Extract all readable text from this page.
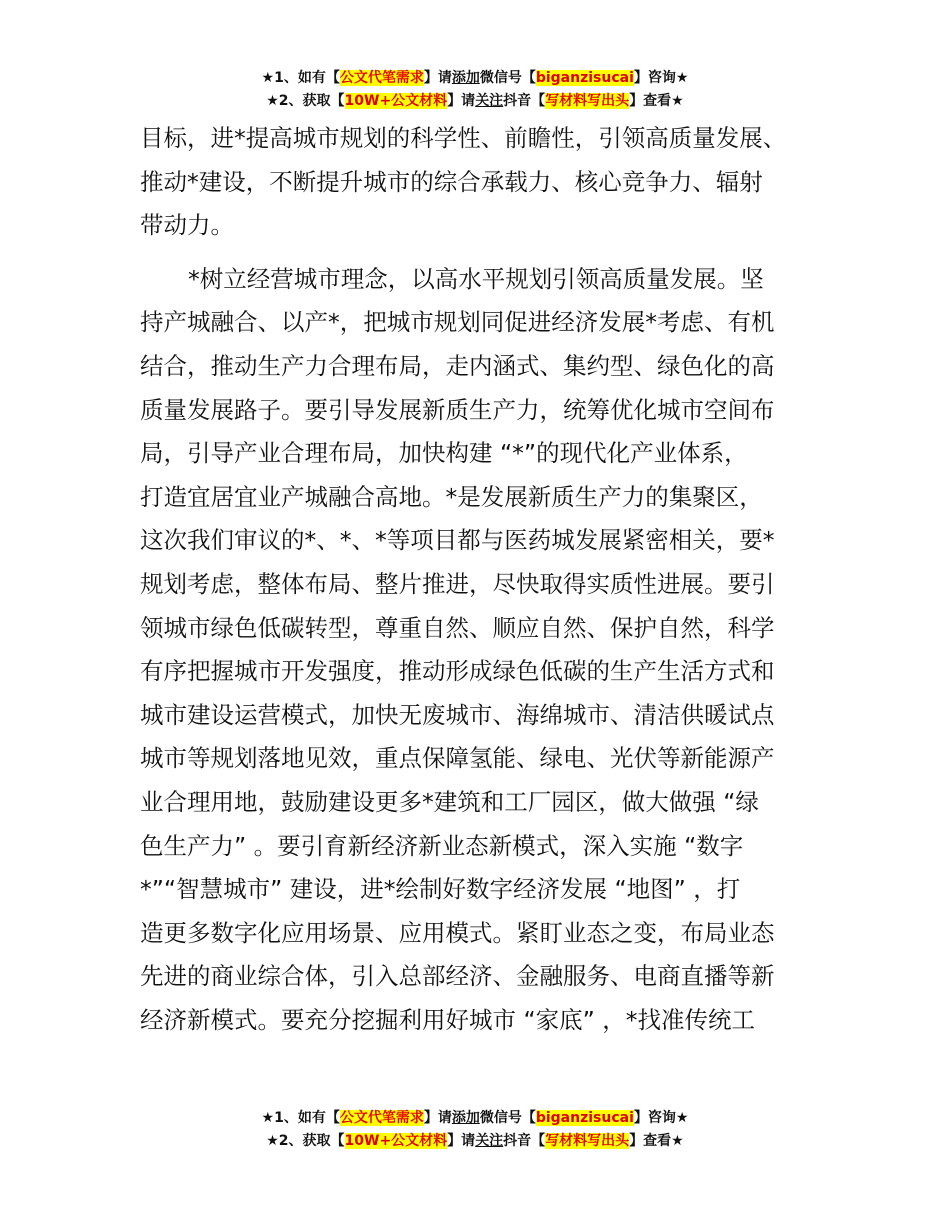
★1、如有【公文代笔需求】请添加微信号【biganzisucai】咨询★
★2、获取【10W+公文材料】请关注抖音【写材料写出头】查看★
目标，进*提高城市规划的科学性、前瞻性，引领高质量发展、
推动*建设，不断提升城市的综合承载力、核心竞争力、辐射
带动力。
*树立经营城市理念，以高水平规划引领高质量发展。坚
持产城融合、以产*，把城市规划同促进经济发展*考虑、有机
结合，推动生产力合理布局，走内涵式、集约型、绿色化的高
质量发展路子。要引导发展新质生产力，统筹优化城市空间布
局，引导产业合理布局，加快构建 “*”的现代化产业体系，
打造宜居宜业产城融合高地。*是发展新质生产力的集聚区，
这次我们审议的*、*、*等项目都与医药城发展紧密相关，要*
规划考虑，整体布局、整片推进，尽快取得实质性进展。要引
领城市绿色低碳转型，尊重自然、顺应自然、保护自然，科学
有序把握城市开发强度，推动形成绿色低碳的生产生活方式和
城市建设运营模式，加快无废城市、海绵城市、清洁供暖试点
城市等规划落地见效，重点保障氢能、绿电、光伏等新能源产
业合理用地，鼓励建设更多*建筑和工厂园区，做大做强 “绿
色生产力” 。要引育新经济新业态新模式，深入实施 “数字
*”“智慧城市” 建设，进*绘制好数字经济发展 “地图” ，打
造更多数字化应用场景、应用模式。紧盯业态之变，布局业态
先进的商业综合体，引入总部经济、金融服务、电商直播等新
经济新模式。要充分挖掘利用好城市 “家底” ，*找准传统工
★1、如有【公文代笔需求】请添加微信号【biganzisucai】咨询★
★2、获取【10W+公文材料】请关注抖音【写材料写出头】查看★
